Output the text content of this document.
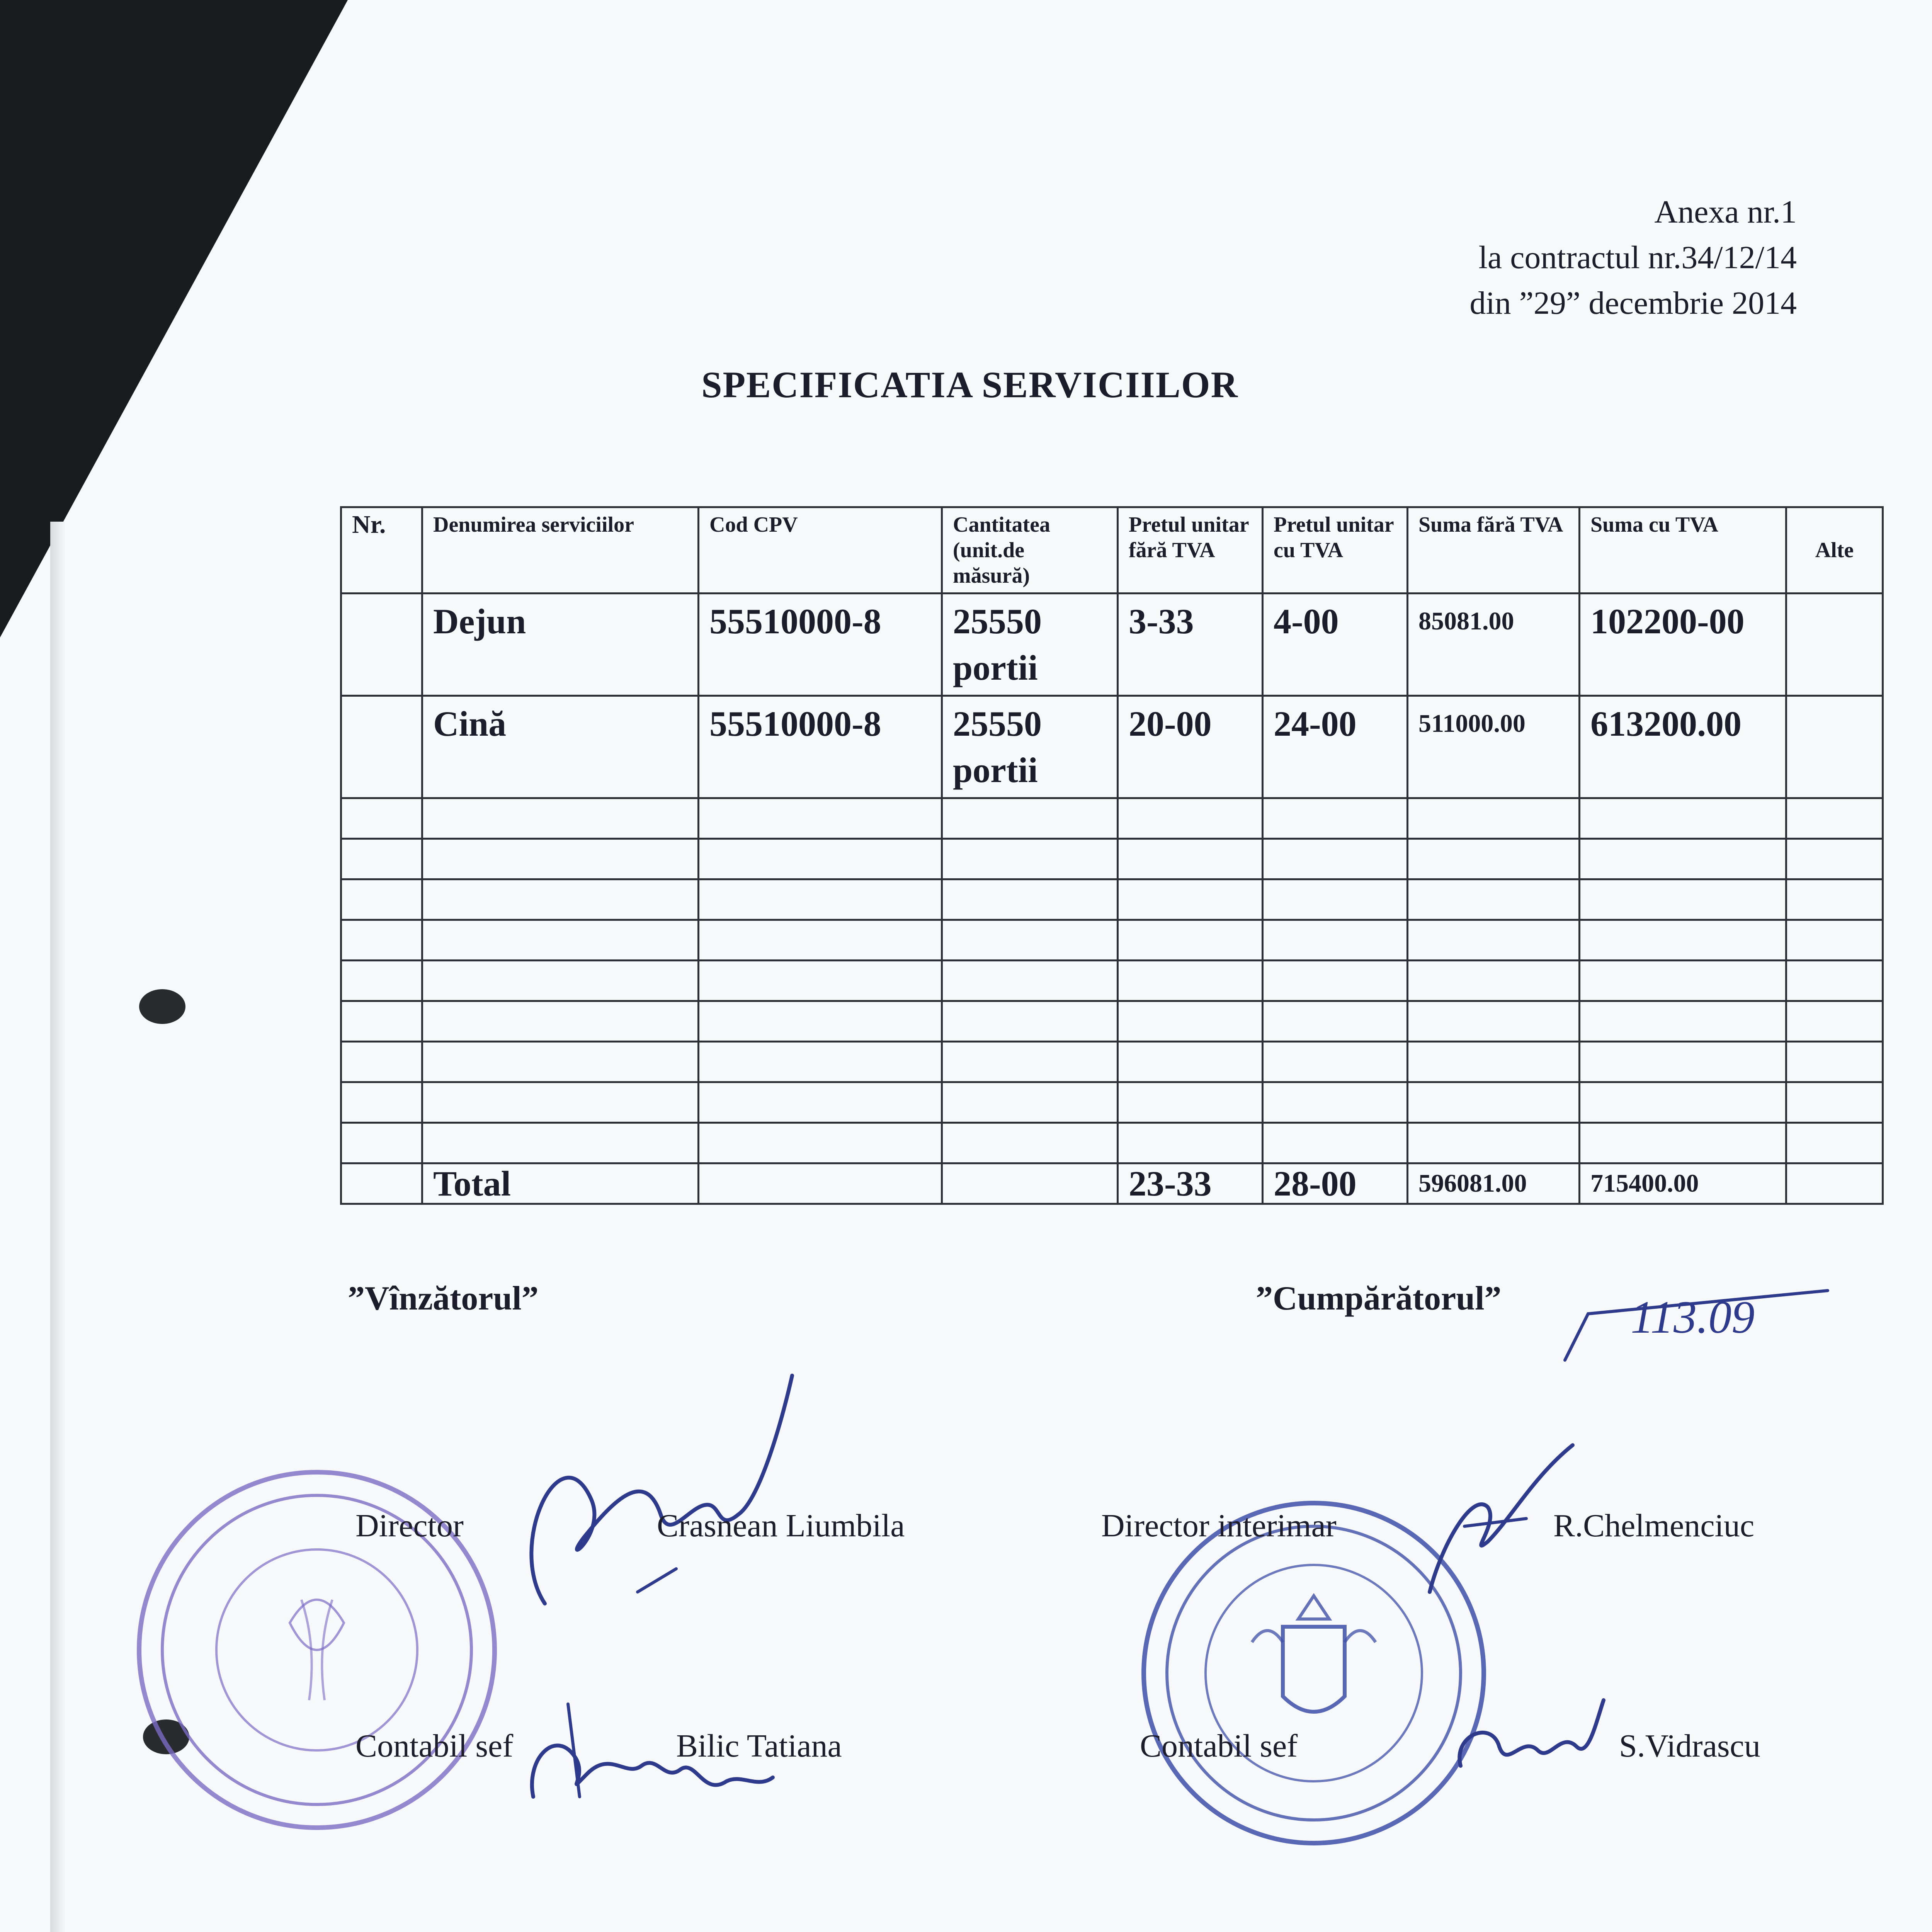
Anexa nr.1
la contractul nr.34/12/14
din ”29” decembrie 2014
SPECIFICATIA SERVICIILOR
Nr.	Denumirea serviciilor	Cod CPV	Cantitatea (unit.de măsură)	Pretul unitar fără TVA	Pretul unitar cu TVA	Suma fără TVA	Suma cu TVA	Alte
	Dejun	55510000-8	25550 portii	3-33	4-00	85081.00	102200-00	
	Cină	55510000-8	25550 portii	20-00	24-00	511000.00	613200.00	

	Total			23-33	28-00	596081.00	715400.00	
”Vînzătorul”	”Cumpărătorul”
Director	Crasnean Liumbila
Contabil sef	Bilic Tatiana
Director interimar	R.Chelmenciuc
Contabil sef	S.Vidrascu
113.09
